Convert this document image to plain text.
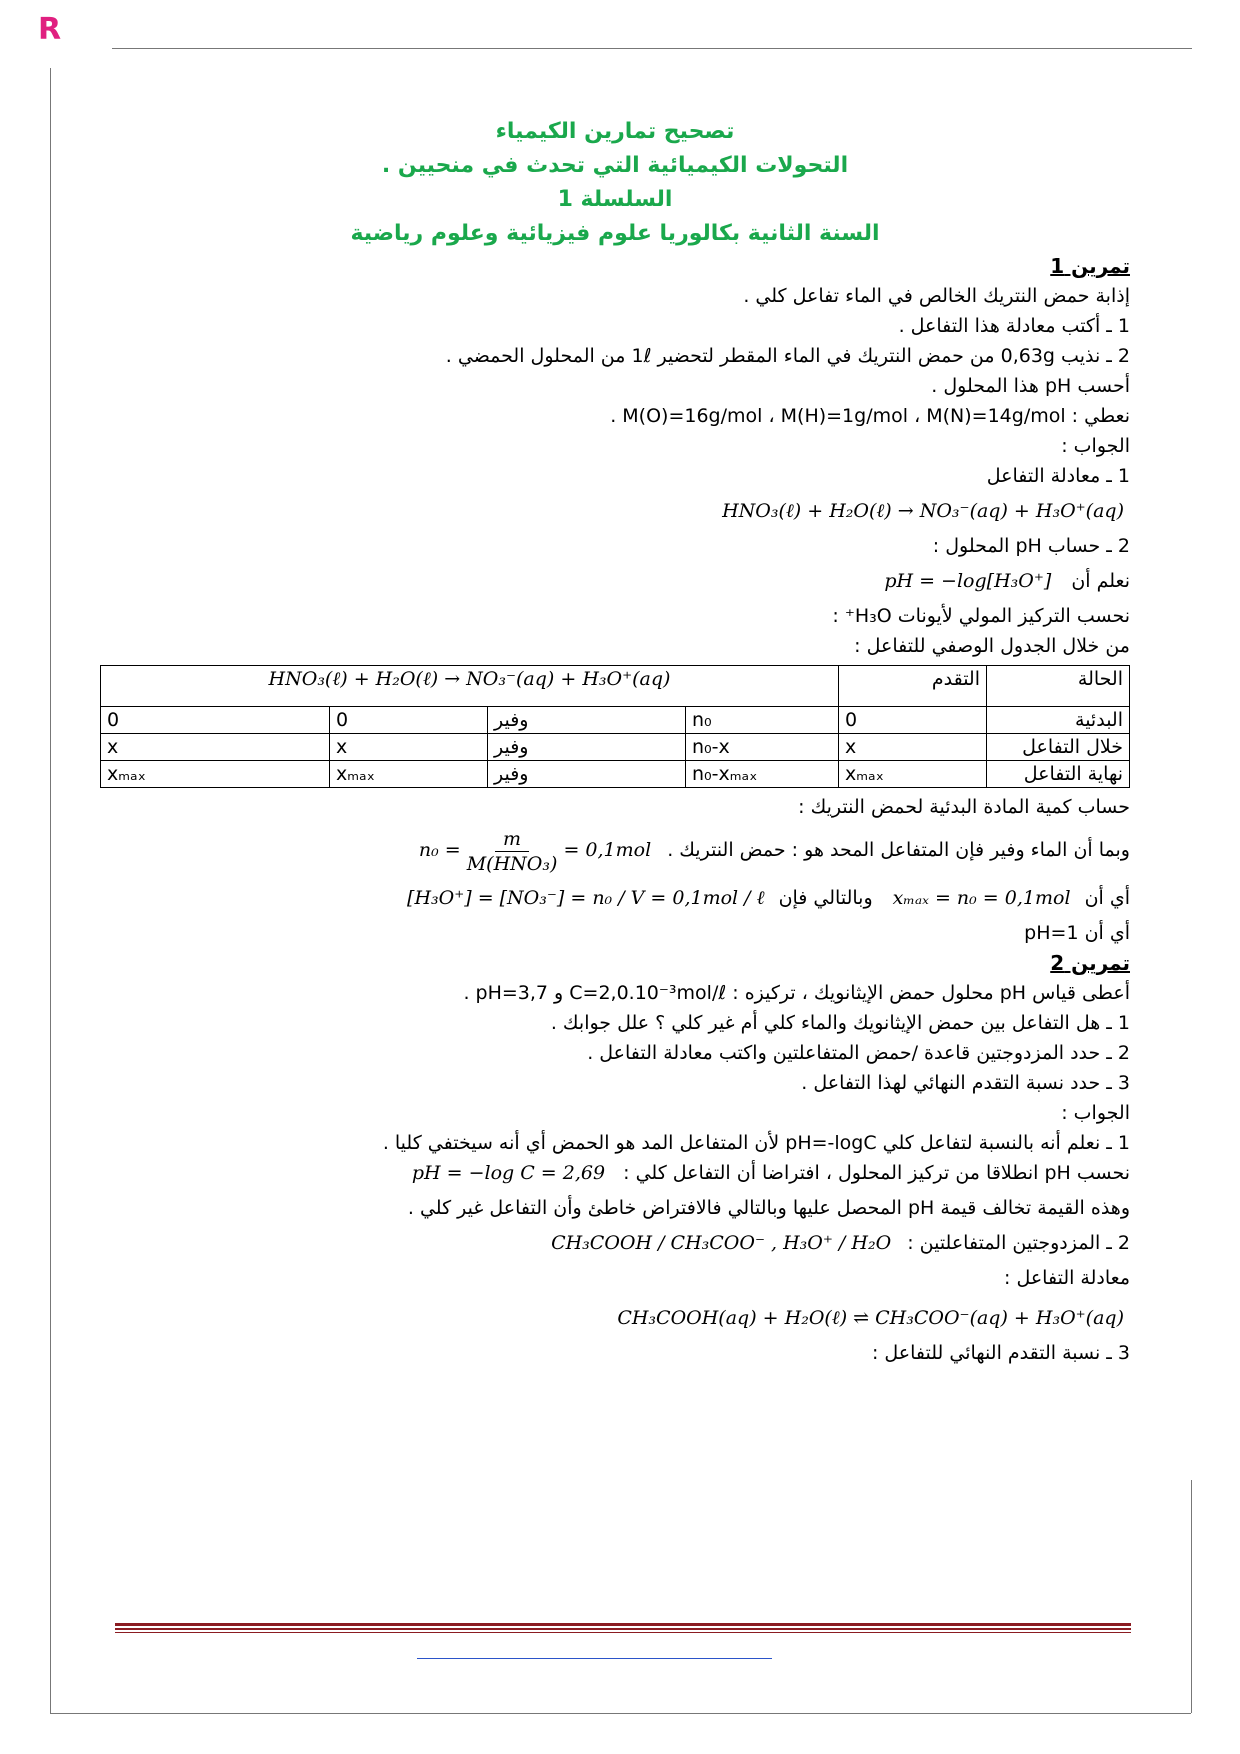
R
تصحيح تمارين الكيمياء
التحولات الكيميائية التي تحدث في منحيين .
السلسلة 1
السنة الثانية بكالوريا علوم فيزيائية وعلوم رياضية
تمرين 1
إذابة حمض النتريك الخالص في الماء تفاعل كلي .
1 ـ أكتب معادلة هذا التفاعل .
2 ـ نذيب 0,63g من حمض النتريك في الماء المقطر لتحضير 1ℓ من المحلول الحمضي .
أحسب pH هذا المحلول .
نعطي : M(O)=16g/mol ، M(H)=1g/mol ، M(N)=14g/mol .
الجواب :
1 ـ معادلة التفاعل
HNO₃(ℓ) + H₂O(ℓ) → NO₃⁻(aq) + H₃O⁺(aq)
2 ـ حساب pH المحلول :
نعلم أن pH = −log[H₃O⁺]
نحسب التركيز المولي لأيونات H₃O⁺ :
من خلال الجدول الوصفي للتفاعل :
الحالة	التقدم	HNO₃(ℓ) + H₂O(ℓ) → NO₃⁻(aq) + H₃O⁺(aq)			
البدئية	0	n₀	وفير	0	0
خلال التفاعل	x	n₀-x	وفير	x	x
نهاية التفاعل	xₘₐₓ	n₀-xₘₐₓ	وفير	xₘₐₓ	xₘₐₓ
حساب كمية المادة البدئية لحمض النتريك :
وبما أن الماء وفير فإن المتفاعل المحد هو : حمض النتريك . $n_0 = \frac{m}{\text{M(HNO₃)}} = 0,1mol$
أي أن xₘₐₓ = n₀ = 0,1mol وبالتالي فإن [H₃O⁺] = [NO₃⁻] = n₀ / V = 0,1mol / ℓ
أي أن pH=1
تمرين 2
أعطى قياس pH محلول حمض الإيثانويك ، تركيزه : C=2,0.10⁻³mol/ℓ و pH=3,7 .
1 ـ هل التفاعل بين حمض الإيثانويك والماء كلي أم غير كلي ؟ علل جوابك .
2 ـ حدد المزدوجتين قاعدة /حمض المتفاعلتين واكتب معادلة التفاعل .
3 ـ حدد نسبة التقدم النهائي لهذا التفاعل .
الجواب :
1 ـ نعلم أنه بالنسبة لتفاعل كلي pH=-logC لأن المتفاعل المد هو الحمض أي أنه سيختفي كليا .
نحسب pH انطلاقا من تركيز المحلول ، افتراضا أن التفاعل كلي : pH = −log C = 2,69
وهذه القيمة تخالف قيمة pH المحصل عليها وبالتالي فالافتراض خاطئ وأن التفاعل غير كلي .
2 ـ المزدوجتين المتفاعلتين : CH₃COOH / CH₃COO⁻ , H₃O⁺ / H₂O
معادلة التفاعل :
CH₃COOH(aq) + H₂O(ℓ) ⇌ CH₃COO⁻(aq) + H₃O⁺(aq)
3 ـ نسبة التقدم النهائي للتفاعل :
